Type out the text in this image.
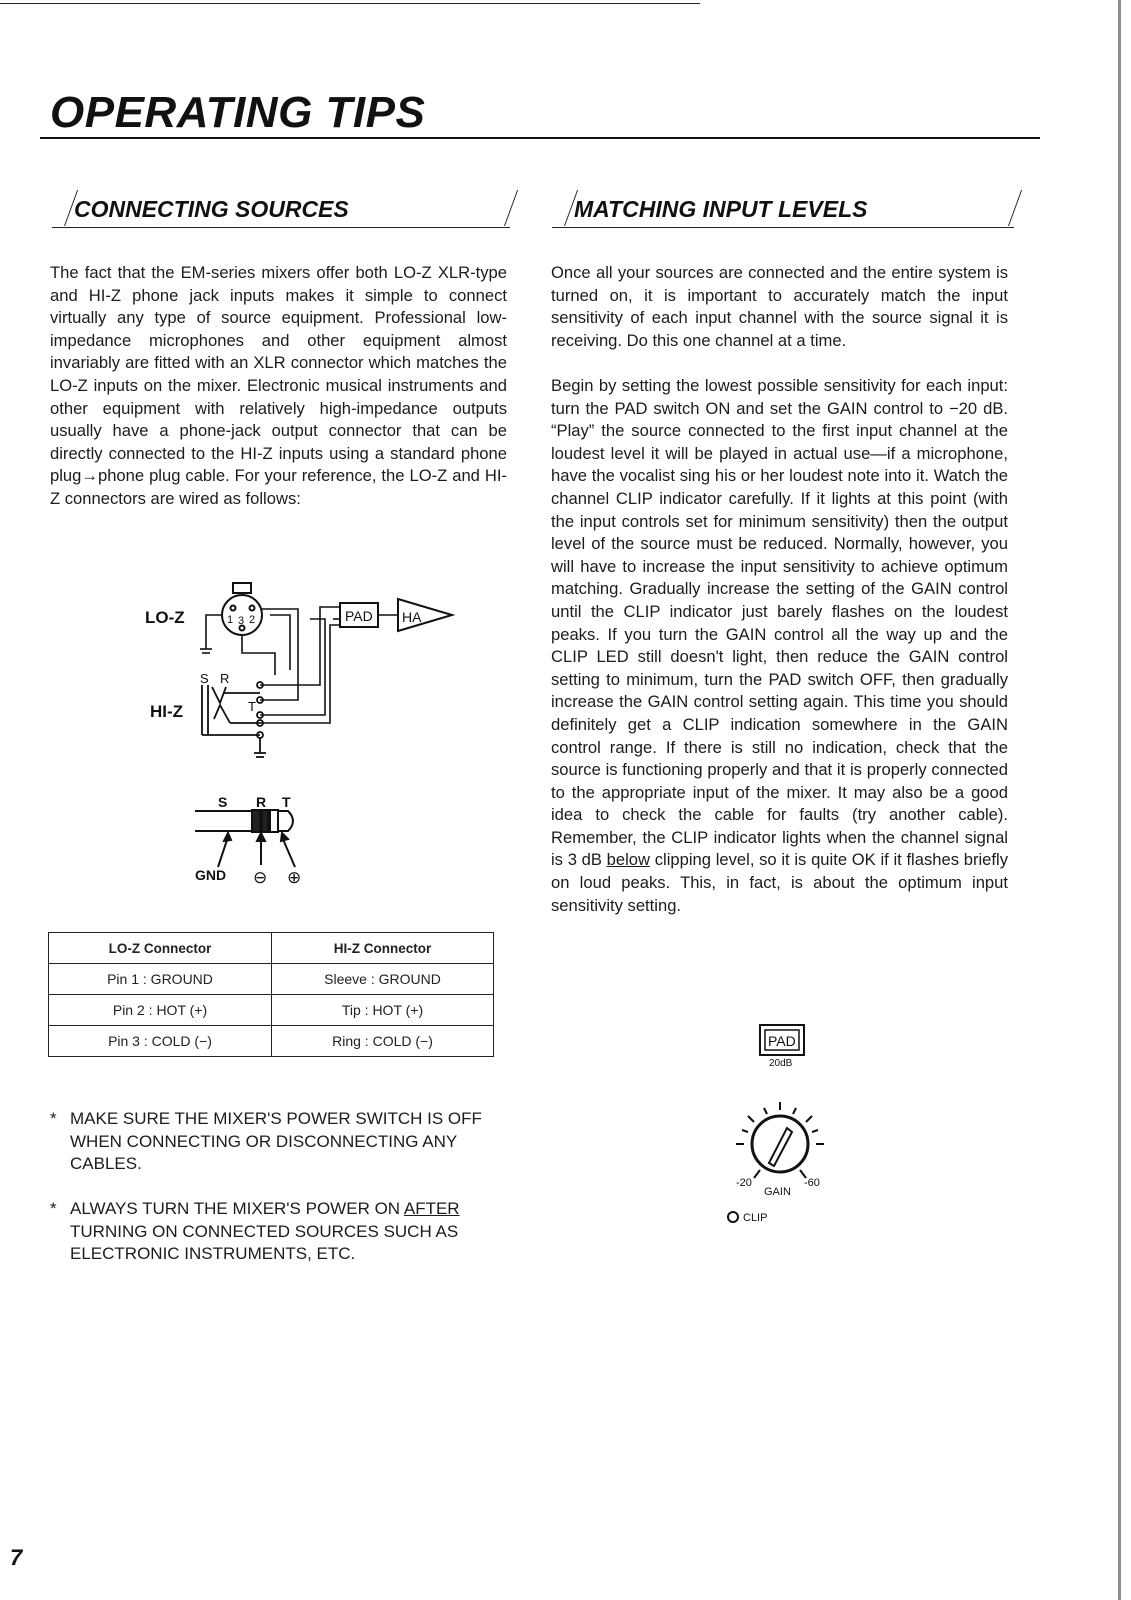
OPERATING TIPS
CONNECTING SOURCES

The fact that the EM-series mixers offer both LO-Z XLR-type and HI-Z phone jack inputs makes it simple to connect virtually any type of source equipment. Professional low-impedance microphones and other equipment almost invariably are fitted with an XLR connector which matches the LO-Z inputs on the mixer. Electronic musical instruments and other equipment with relatively high-impedance outputs usually have a phone-jack output connector that can be directly connected to the HI-Z inputs using a standard phone plug→phone plug cable. For your reference, the LO-Z and HI-Z connectors are wired as follows:

LO-Z	1 3 2	PAD HA
HI-Z
S R
T
S R T
GND ⊖ ⊕
LO-Z Connector	HI-Z Connector
Pin 1 : GROUND	Sleeve : GROUND
Pin 2 : HOT (+)	Tip : HOT (+)
Pin 3 : COLD (−)	Ring : COLD (−)

* MAKE SURE THE MIXER'S POWER SWITCH IS OFF WHEN CONNECTING OR DISCONNECTING ANY CABLES.

* ALWAYS TURN THE MIXER'S POWER ON AFTER TURNING ON CONNECTED SOURCES SUCH AS ELECTRONIC INSTRUMENTS, ETC.

MATCHING INPUT LEVELS

Once all your sources are connected and the entire system is turned on, it is important to accurately match the input sensitivity of each input channel with the source signal it is receiving. Do this one channel at a time.

Begin by setting the lowest possible sensitivity for each input: turn the PAD switch ON and set the GAIN control to −20 dB. “Play” the source connected to the first input channel at the loudest level it will be played in actual use—if a microphone, have the vocalist sing his or her loudest note into it. Watch the channel CLIP indicator carefully. If it lights at this point (with the input controls set for minimum sensitivity) then the output level of the source must be reduced. Normally, however, you will have to increase the input sensitivity to achieve optimum matching. Gradually increase the setting of the GAIN control until the CLIP indicator just barely flashes on the loudest peaks. If you turn the GAIN control all the way up and the CLIP LED still doesn't light, then reduce the GAIN control setting to minimum, turn the PAD switch OFF, then gradually increase the GAIN control setting again. This time you should definitely get a CLIP indication somewhere in the GAIN control range. If there is still no indication, check that the source is functioning properly and that it is properly connected to the appropriate input of the mixer. It may also be a good idea to check the cable for faults (try another cable). Remember, the CLIP indicator lights when the channel signal is 3 dB below clipping level, so it is quite OK if it flashes briefly on loud peaks. This, in fact, is about the optimum input sensitivity setting.

PAD
20dB
-20	-60
GAIN
CLIP
7
